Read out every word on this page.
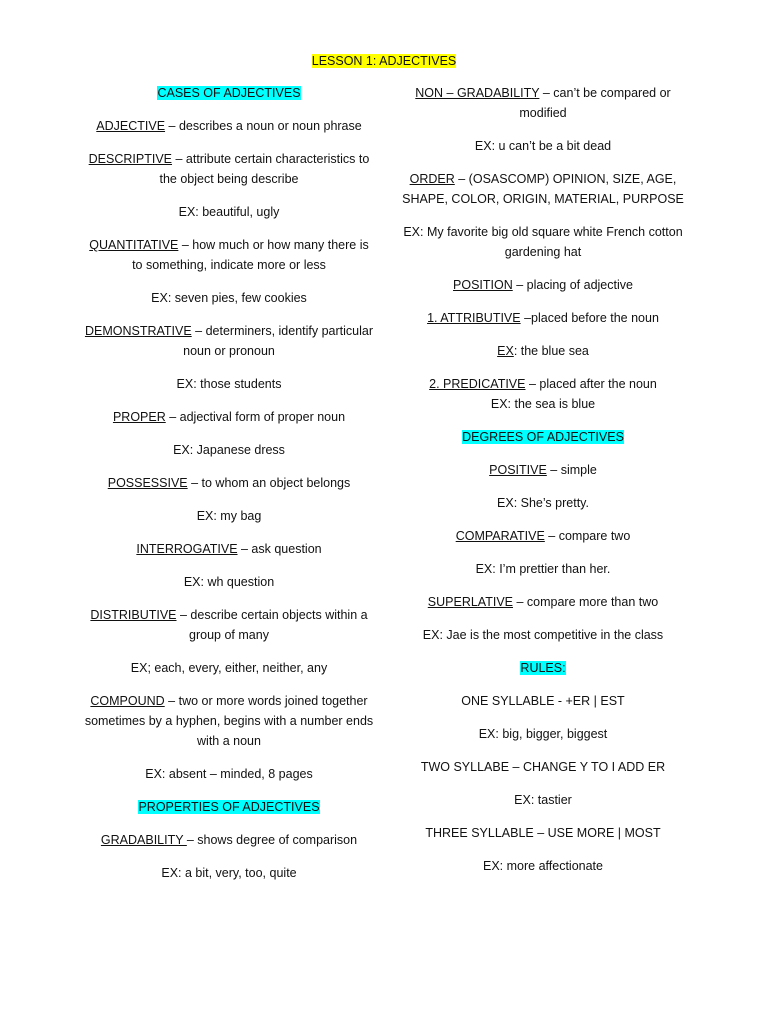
LESSON 1: ADJECTIVES
CASES OF ADJECTIVES
ADJECTIVE – describes a noun or noun phrase
DESCRIPTIVE – attribute certain characteristics to the object being describe
EX: beautiful, ugly
QUANTITATIVE – how much or how many there is to something, indicate more or less
EX: seven pies, few cookies
DEMONSTRATIVE – determiners, identify particular noun or pronoun
EX: those students
PROPER – adjectival form of proper noun
EX: Japanese dress
POSSESSIVE – to whom an object belongs
EX: my bag
INTERROGATIVE – ask question
EX: wh question
DISTRIBUTIVE – describe certain objects within a group of many
EX; each, every, either, neither, any
COMPOUND – two or more words joined together sometimes by a hyphen, begins with a number ends with a noun
EX: absent – minded, 8 pages
PROPERTIES OF ADJECTIVES
GRADABILITY – shows degree of comparison
EX: a bit, very, too, quite
NON – GRADABILITY – can’t be compared or modified
EX: u can’t be a bit dead
ORDER – (OSASCOMP) OPINION, SIZE, AGE, SHAPE, COLOR, ORIGIN, MATERIAL, PURPOSE
EX: My favorite big old square white French cotton gardening hat
POSITION – placing of adjective
1. ATTRIBUTIVE –placed before the noun
EX: the blue sea
2. PREDICATIVE – placed after the noun
EX: the sea is blue
DEGREES OF ADJECTIVES
POSITIVE – simple
EX: She’s pretty.
COMPARATIVE – compare two
EX: I’m prettier than her.
SUPERLATIVE – compare more than two
EX: Jae is the most competitive in the class
RULES:
ONE SYLLABLE - +ER | EST
EX: big, bigger, biggest
TWO SYLLABE – CHANGE Y TO I ADD ER
EX: tastier
THREE SYLLABLE – USE MORE | MOST
EX: more affectionate
